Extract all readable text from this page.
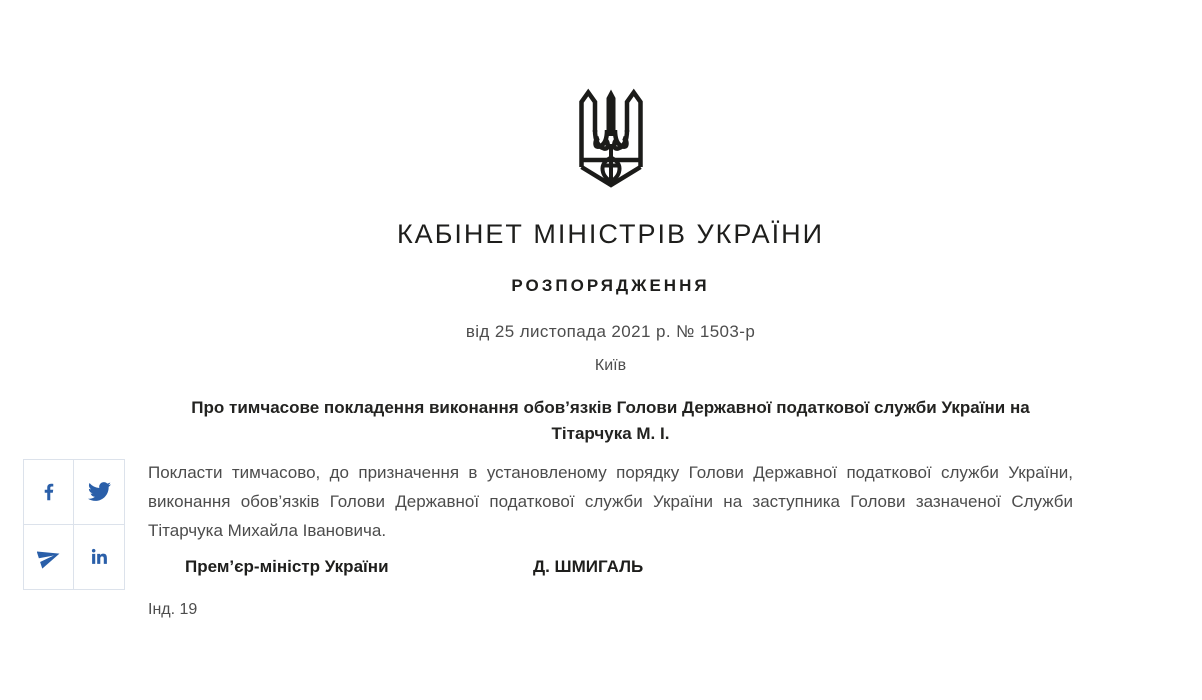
КАБІНЕТ МІНІСТРІВ УКРАЇНИ
РОЗПОРЯДЖЕННЯ
від 25 листопада 2021 р. № 1503-р
Київ
Про тимчасове покладення виконання обов’язків Голови Державної податкової служби України на Тітарчука М. І.
Покласти тимчасово, до призначення в установленому порядку Голови Державної податкової служби України, виконання обов’язків Голови Державної податкової служби України на заступника Голови зазначеної Служби Тітарчука Михайла Івановича.
Прем’єр-міністр України	Д. ШМИГАЛЬ
Інд. 19
